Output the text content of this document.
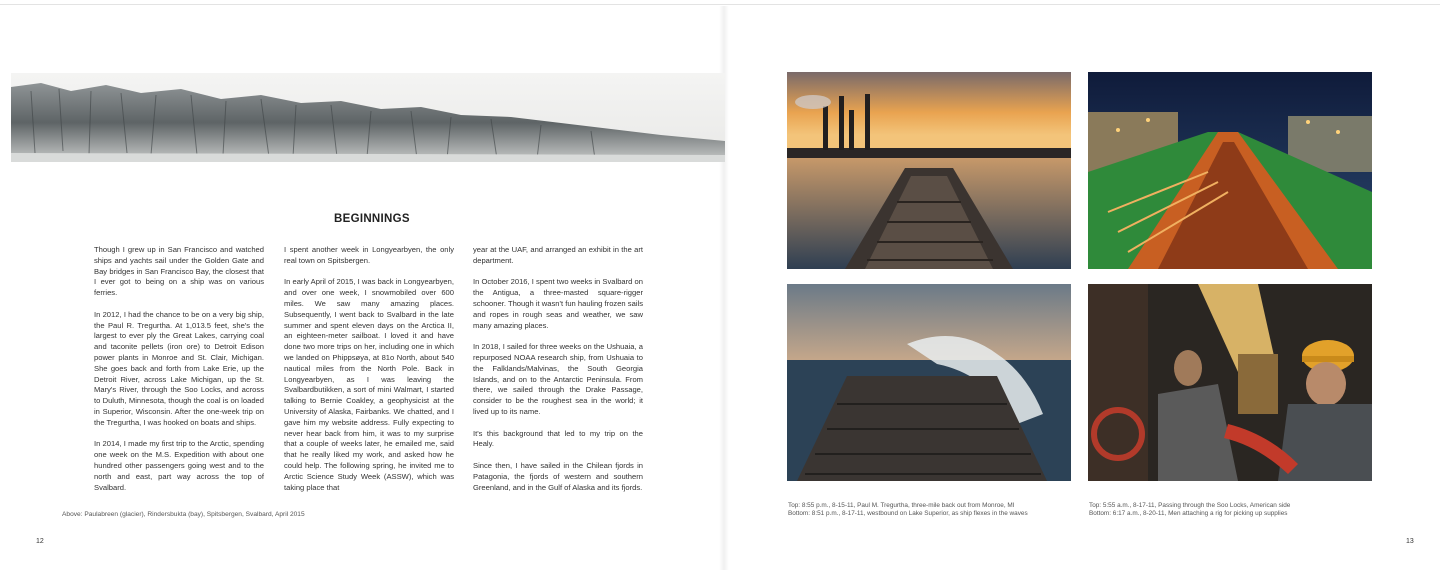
BEGINNINGS

Though I grew up in San Francisco and watched ships and yachts sail under the Golden Gate and Bay bridges in San Francisco Bay, the closest that I ever got to being on a ship was on various ferries.

In 2012, I had the chance to be on a very big ship, the Paul R. Tregurtha. At 1,013.5 feet, she's the largest to ever ply the Great Lakes, carrying coal and taconite pellets (iron ore) to Detroit Edison power plants in Monroe and St. Clair, Michigan. She goes back and forth from Lake Erie, up the Detroit River, across Lake Michigan, up the St. Mary's River, through the Soo Locks, and across to Duluth, Minnesota, though the coal is on loaded in Superior, Wisconsin. After the one-week trip on the Tregurtha, I was hooked on boats and ships.

In 2014, I made my first trip to the Arctic, spending one week on the M.S. Expedition with about one hundred other passengers going west and to the north and east, part way across the top of Svalbard.

I spent another week in Longyearbyen, the only real town on Spitsbergen.

In early April of 2015, I was back in Longyearbyen, and over one week, I snowmobiled over 600 miles. We saw many amazing places. Subsequently, I went back to Svalbard in the late summer and spent eleven days on the Arctica II, an eighteen-meter sailboat. I loved it and have done two more trips on her, including one in which we landed on Phippsøya, at 81o North, about 540 nautical miles from the North Pole. Back in Longyearbyen, as I was leaving the Svalbardbutikken, a sort of mini Walmart, I started talking to Bernie Coakley, a geophysicist at the University of Alaska, Fairbanks. We chatted, and I gave him my website address. Fully expecting to never hear back from him, it was to my surprise that a couple of weeks later, he emailed me, said that he really liked my work, and asked how he could help. The following spring, he invited me to Arctic Science Study Week (ASSW), which was taking place that

year at the UAF, and arranged an exhibit in the art department.

In October 2016, I spent two weeks in Svalbard on the Antigua, a three-masted square-rigger schooner. Though it wasn't fun hauling frozen sails and ropes in rough seas and weather, we saw many amazing places.

In 2018, I sailed for three weeks on the Ushuaia, a repurposed NOAA research ship, from Ushuaia to the Falklands/Malvinas, the South Georgia Islands, and on to the Antarctic Peninsula. From there, we sailed through the Drake Passage, consider to be the roughest sea in the world; it lived up to its name.

It's this background that led to my trip on the Healy.

Since then, I have sailed in the Chilean fjords in Patagonia, the fjords of western and southern Greenland, and in the Gulf of Alaska and its fjords.

Above: Paulabreen (glacier), Rindersbukta (bay), Spitsbergen, Svalbard, April 2015
12	13
Top: 8:55 p.m., 8-15-11, Paul M. Tregurtha, three-mile back out from Monroe, MI
Bottom: 8:51 p.m., 8-17-11, westbound on Lake Superior, as ship flexes in the waves
Top: 5:55 a.m., 8-17-11, Passing through the Soo Locks, American side
Bottom: 6:17 a.m., 8-20-11, Men attaching a rig for picking up supplies
